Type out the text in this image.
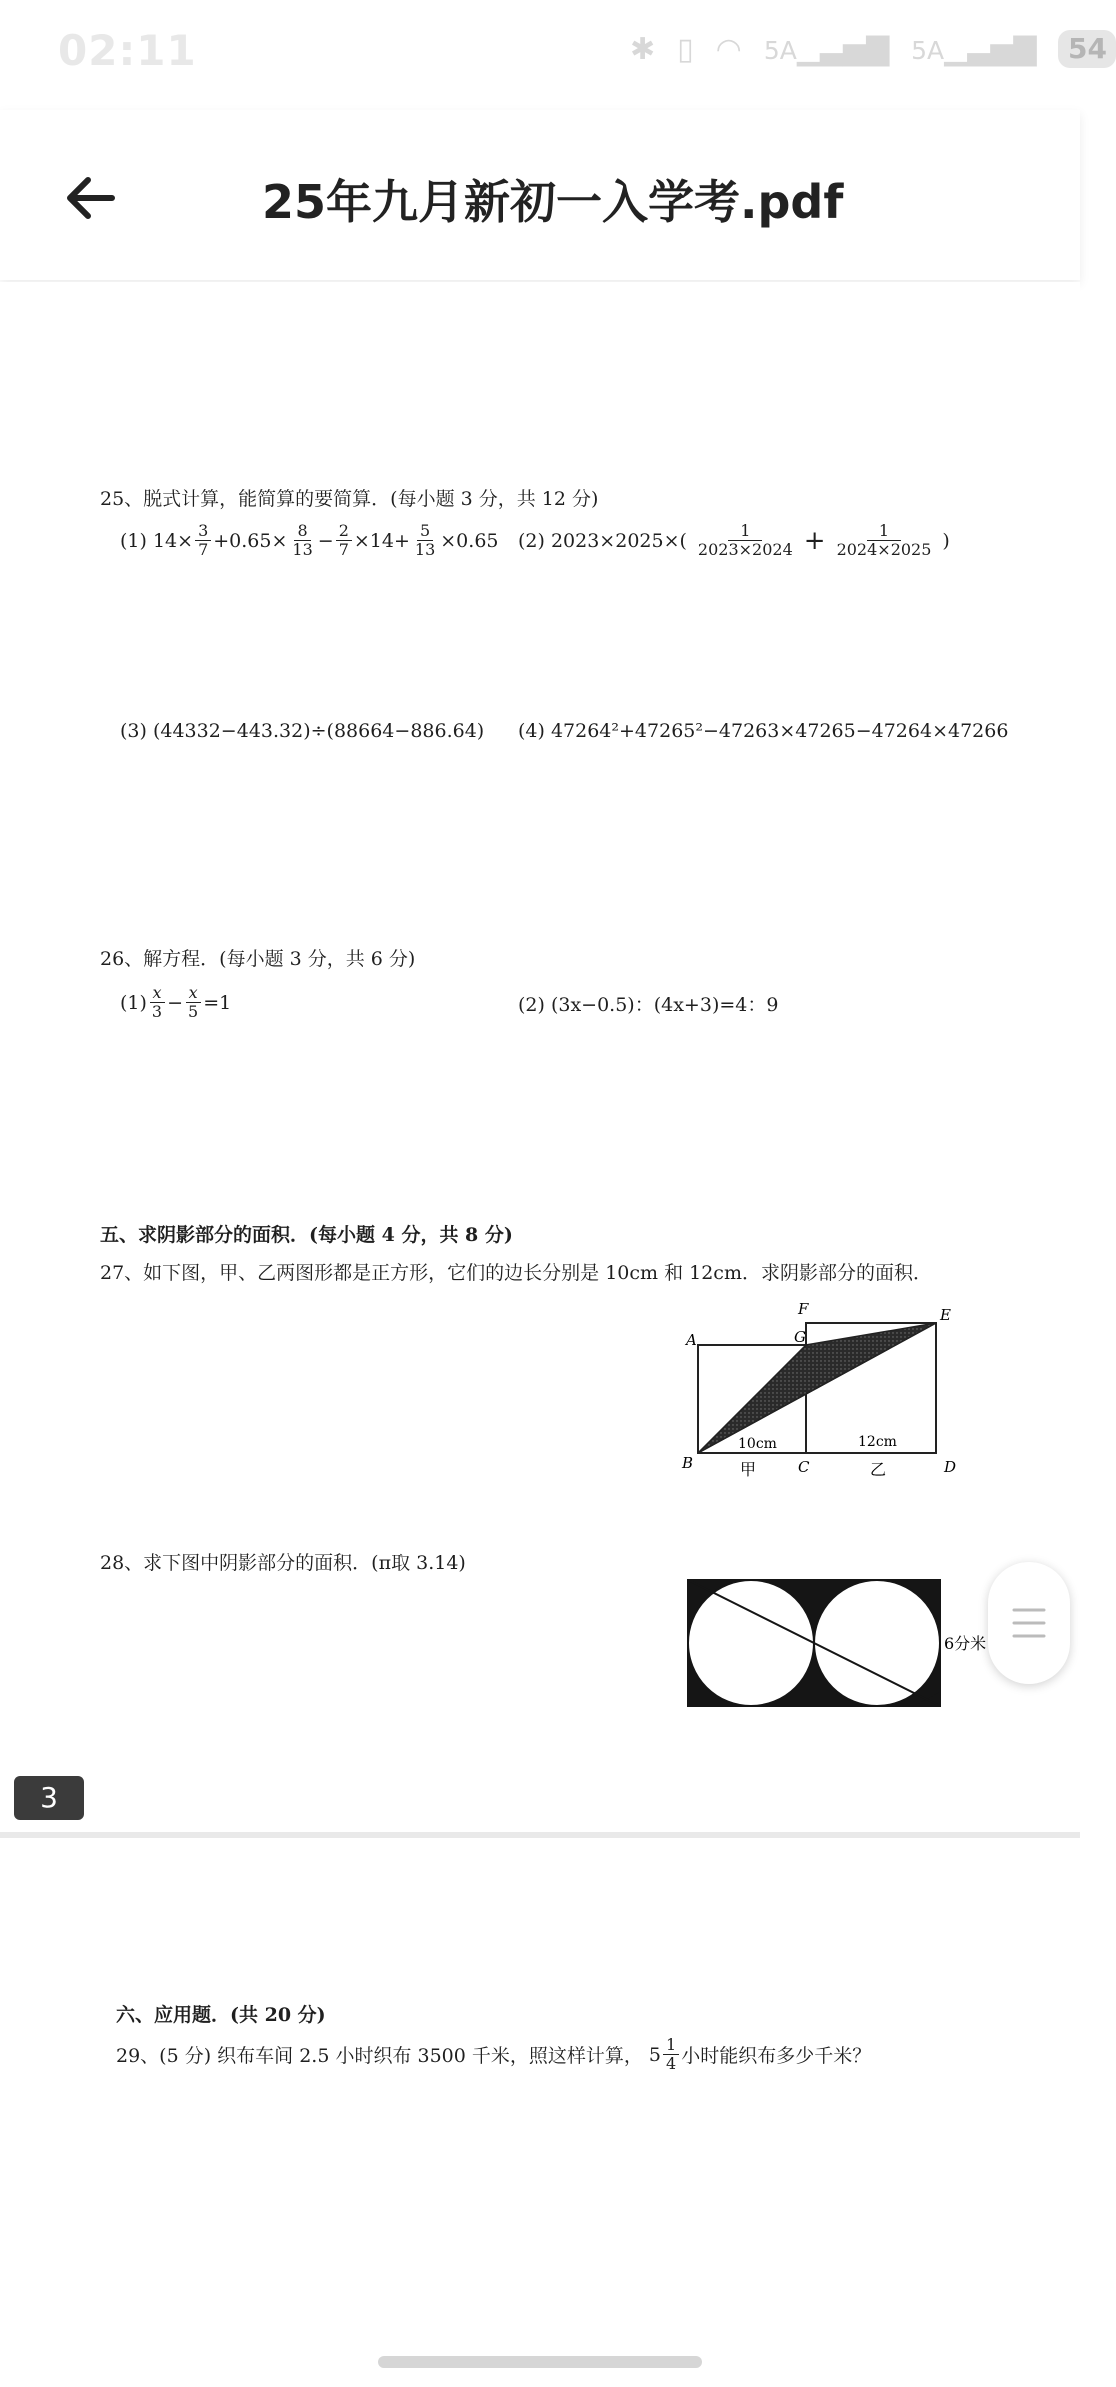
02:11	✱ ▯ ◠ 5A▁▃▅▇ 5A▁▃▅▇	54
25年九月新初一入学考.pdf
25、脱式计算，能简算的要简算．(每小题 3 分，共 12 分)
(1) $14\times \frac{3}{7} +0.65\times \frac{8}{13} - \frac{2}{7} \times 14+ \frac{5}{13} \times 0.65$ (2) $2023\times 2025\times( \frac{1}{2023\times 2024} + \frac{1}{2024\times 2025}$ )
(3) (44332−443.32)÷(88664−886.64) (4) 47264²+47265²−47263×47265−47264×47266
26、解方程．(每小题 3 分，共 6 分)
$(1) \frac{x}{3} - \frac{x}{5} =1$	(2) (3x−0.5)：(4x+3)=4：9
五、求阴影部分的面积．(每小题 4 分，共 8 分)
27、如下图，甲、乙两图形都是正方形，它们的边长分别是 10cm 和 12cm．求阴影部分的面积．
A
B	C	D
E
F
G
10cm	12cm
甲	乙
28、求下图中阴影部分的面积．(π取 3.14)
6分米
3
六、应用题．(共 20 分)
29、(5 分) 织布车间 2.5 小时织布 3500 千米，照这样计算， $5 \frac{1}{4}$ 小时能织布多少千米？
